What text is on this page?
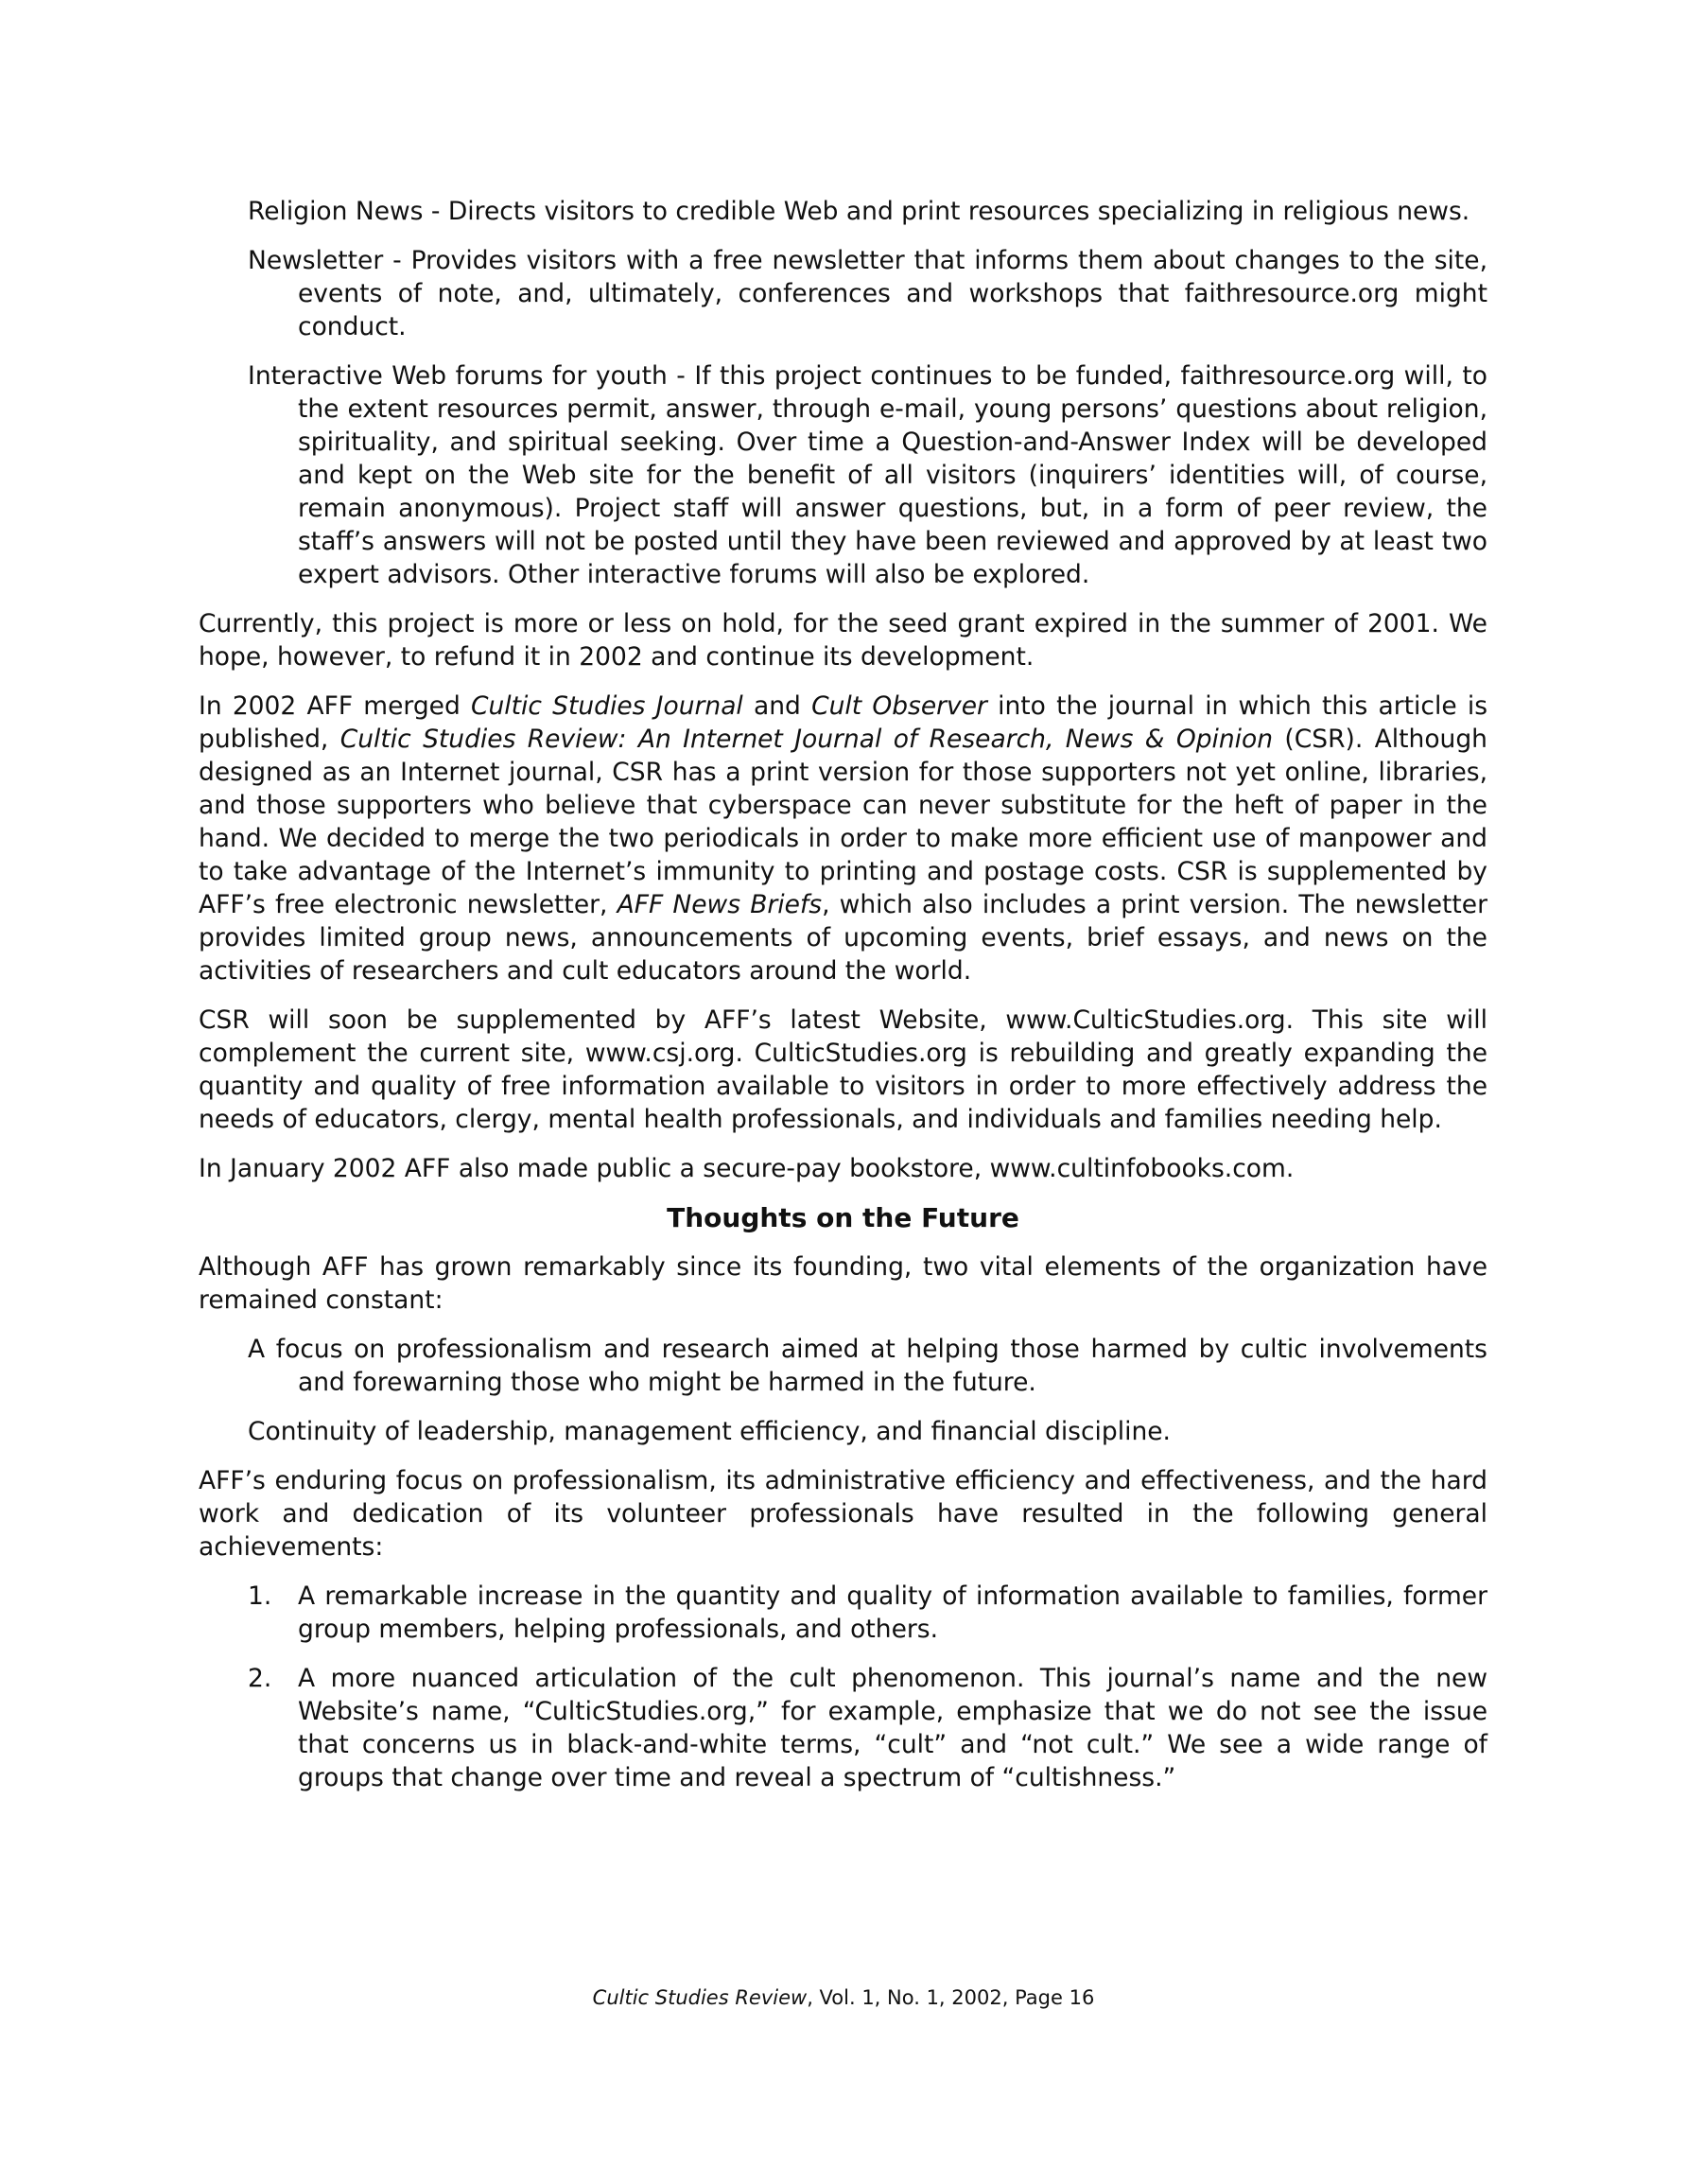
Religion News - Directs visitors to credible Web and print resources specializing in religious news.

Newsletter - Provides visitors with a free newsletter that informs them about changes to the site, events of note, and, ultimately, conferences and workshops that faithresource.org might conduct.

Interactive Web forums for youth - If this project continues to be funded, faithresource.org will, to the extent resources permit, answer, through e-mail, young persons’ questions about religion, spirituality, and spiritual seeking. Over time a Question-and-Answer Index will be developed and kept on the Web site for the benefit of all visitors (inquirers’ identities will, of course, remain anonymous). Project staff will answer questions, but, in a form of peer review, the staff’s answers will not be posted until they have been reviewed and approved by at least two expert advisors. Other interactive forums will also be explored.

Currently, this project is more or less on hold, for the seed grant expired in the summer of 2001. We hope, however, to refund it in 2002 and continue its development.

In 2002 AFF merged Cultic Studies Journal and Cult Observer into the journal in which this article is published, Cultic Studies Review: An Internet Journal of Research, News & Opinion (CSR). Although designed as an Internet journal, CSR has a print version for those supporters not yet online, libraries, and those supporters who believe that cyberspace can never substitute for the heft of paper in the hand. We decided to merge the two periodicals in order to make more efficient use of manpower and to take advantage of the Internet’s immunity to printing and postage costs. CSR is supplemented by AFF’s free electronic newsletter, AFF News Briefs, which also includes a print version. The newsletter provides limited group news, announcements of upcoming events, brief essays, and news on the activities of researchers and cult educators around the world.

CSR will soon be supplemented by AFF’s latest Website, www.CulticStudies.org. This site will complement the current site, www.csj.org. CulticStudies.org is rebuilding and greatly expanding the quantity and quality of free information available to visitors in order to more effectively address the needs of educators, clergy, mental health professionals, and individuals and families needing help.

In January 2002 AFF also made public a secure-pay bookstore, www.cultinfobooks.com.

Thoughts on the Future

Although AFF has grown remarkably since its founding, two vital elements of the organization have remained constant:

A focus on professionalism and research aimed at helping those harmed by cultic involvements and forewarning those who might be harmed in the future.

Continuity of leadership, management efficiency, and financial discipline.

AFF’s enduring focus on professionalism, its administrative efficiency and effectiveness, and the hard work and dedication of its volunteer professionals have resulted in the following general achievements:

1. A remarkable increase in the quantity and quality of information available to families, former group members, helping professionals, and others.
2. A more nuanced articulation of the cult phenomenon. This journal’s name and the new Website’s name, “CulticStudies.org,” for example, emphasize that we do not see the issue that concerns us in black-and-white terms, “cult” and “not cult.” We see a wide range of groups that change over time and reveal a spectrum of “cultishness.”
Cultic Studies Review, Vol. 1, No. 1, 2002, Page 16
